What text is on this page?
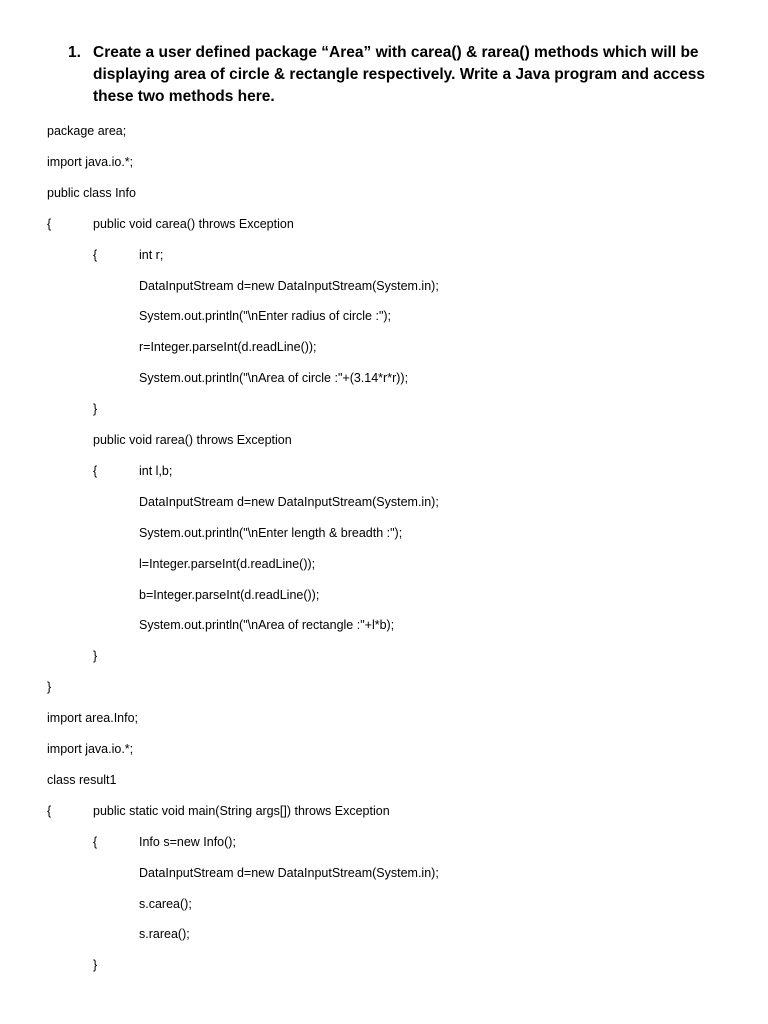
1. Create a user defined package “Area” with carea() & rarea() methods which will be displaying area of circle & rectangle respectively. Write a Java program and access these two methods here.
package area;
import java.io.*;
public class Info
{	public void carea() throws Exception
{	int r;
DataInputStream d=new DataInputStream(System.in);
System.out.println("\nEnter radius of circle :");
r=Integer.parseInt(d.readLine());
System.out.println("\nArea of circle :"+(3.14*r*r));
}
public void rarea() throws Exception
{	int l,b;
DataInputStream d=new DataInputStream(System.in);
System.out.println("\nEnter length & breadth :");
l=Integer.parseInt(d.readLine());
b=Integer.parseInt(d.readLine());
System.out.println("\nArea of rectangle :"+l*b);
}
}
import area.Info;
import java.io.*;
class result1
{	public static void main(String args[]) throws Exception
{	Info s=new Info();
DataInputStream d=new DataInputStream(System.in);
s.carea();
s.rarea();
}
